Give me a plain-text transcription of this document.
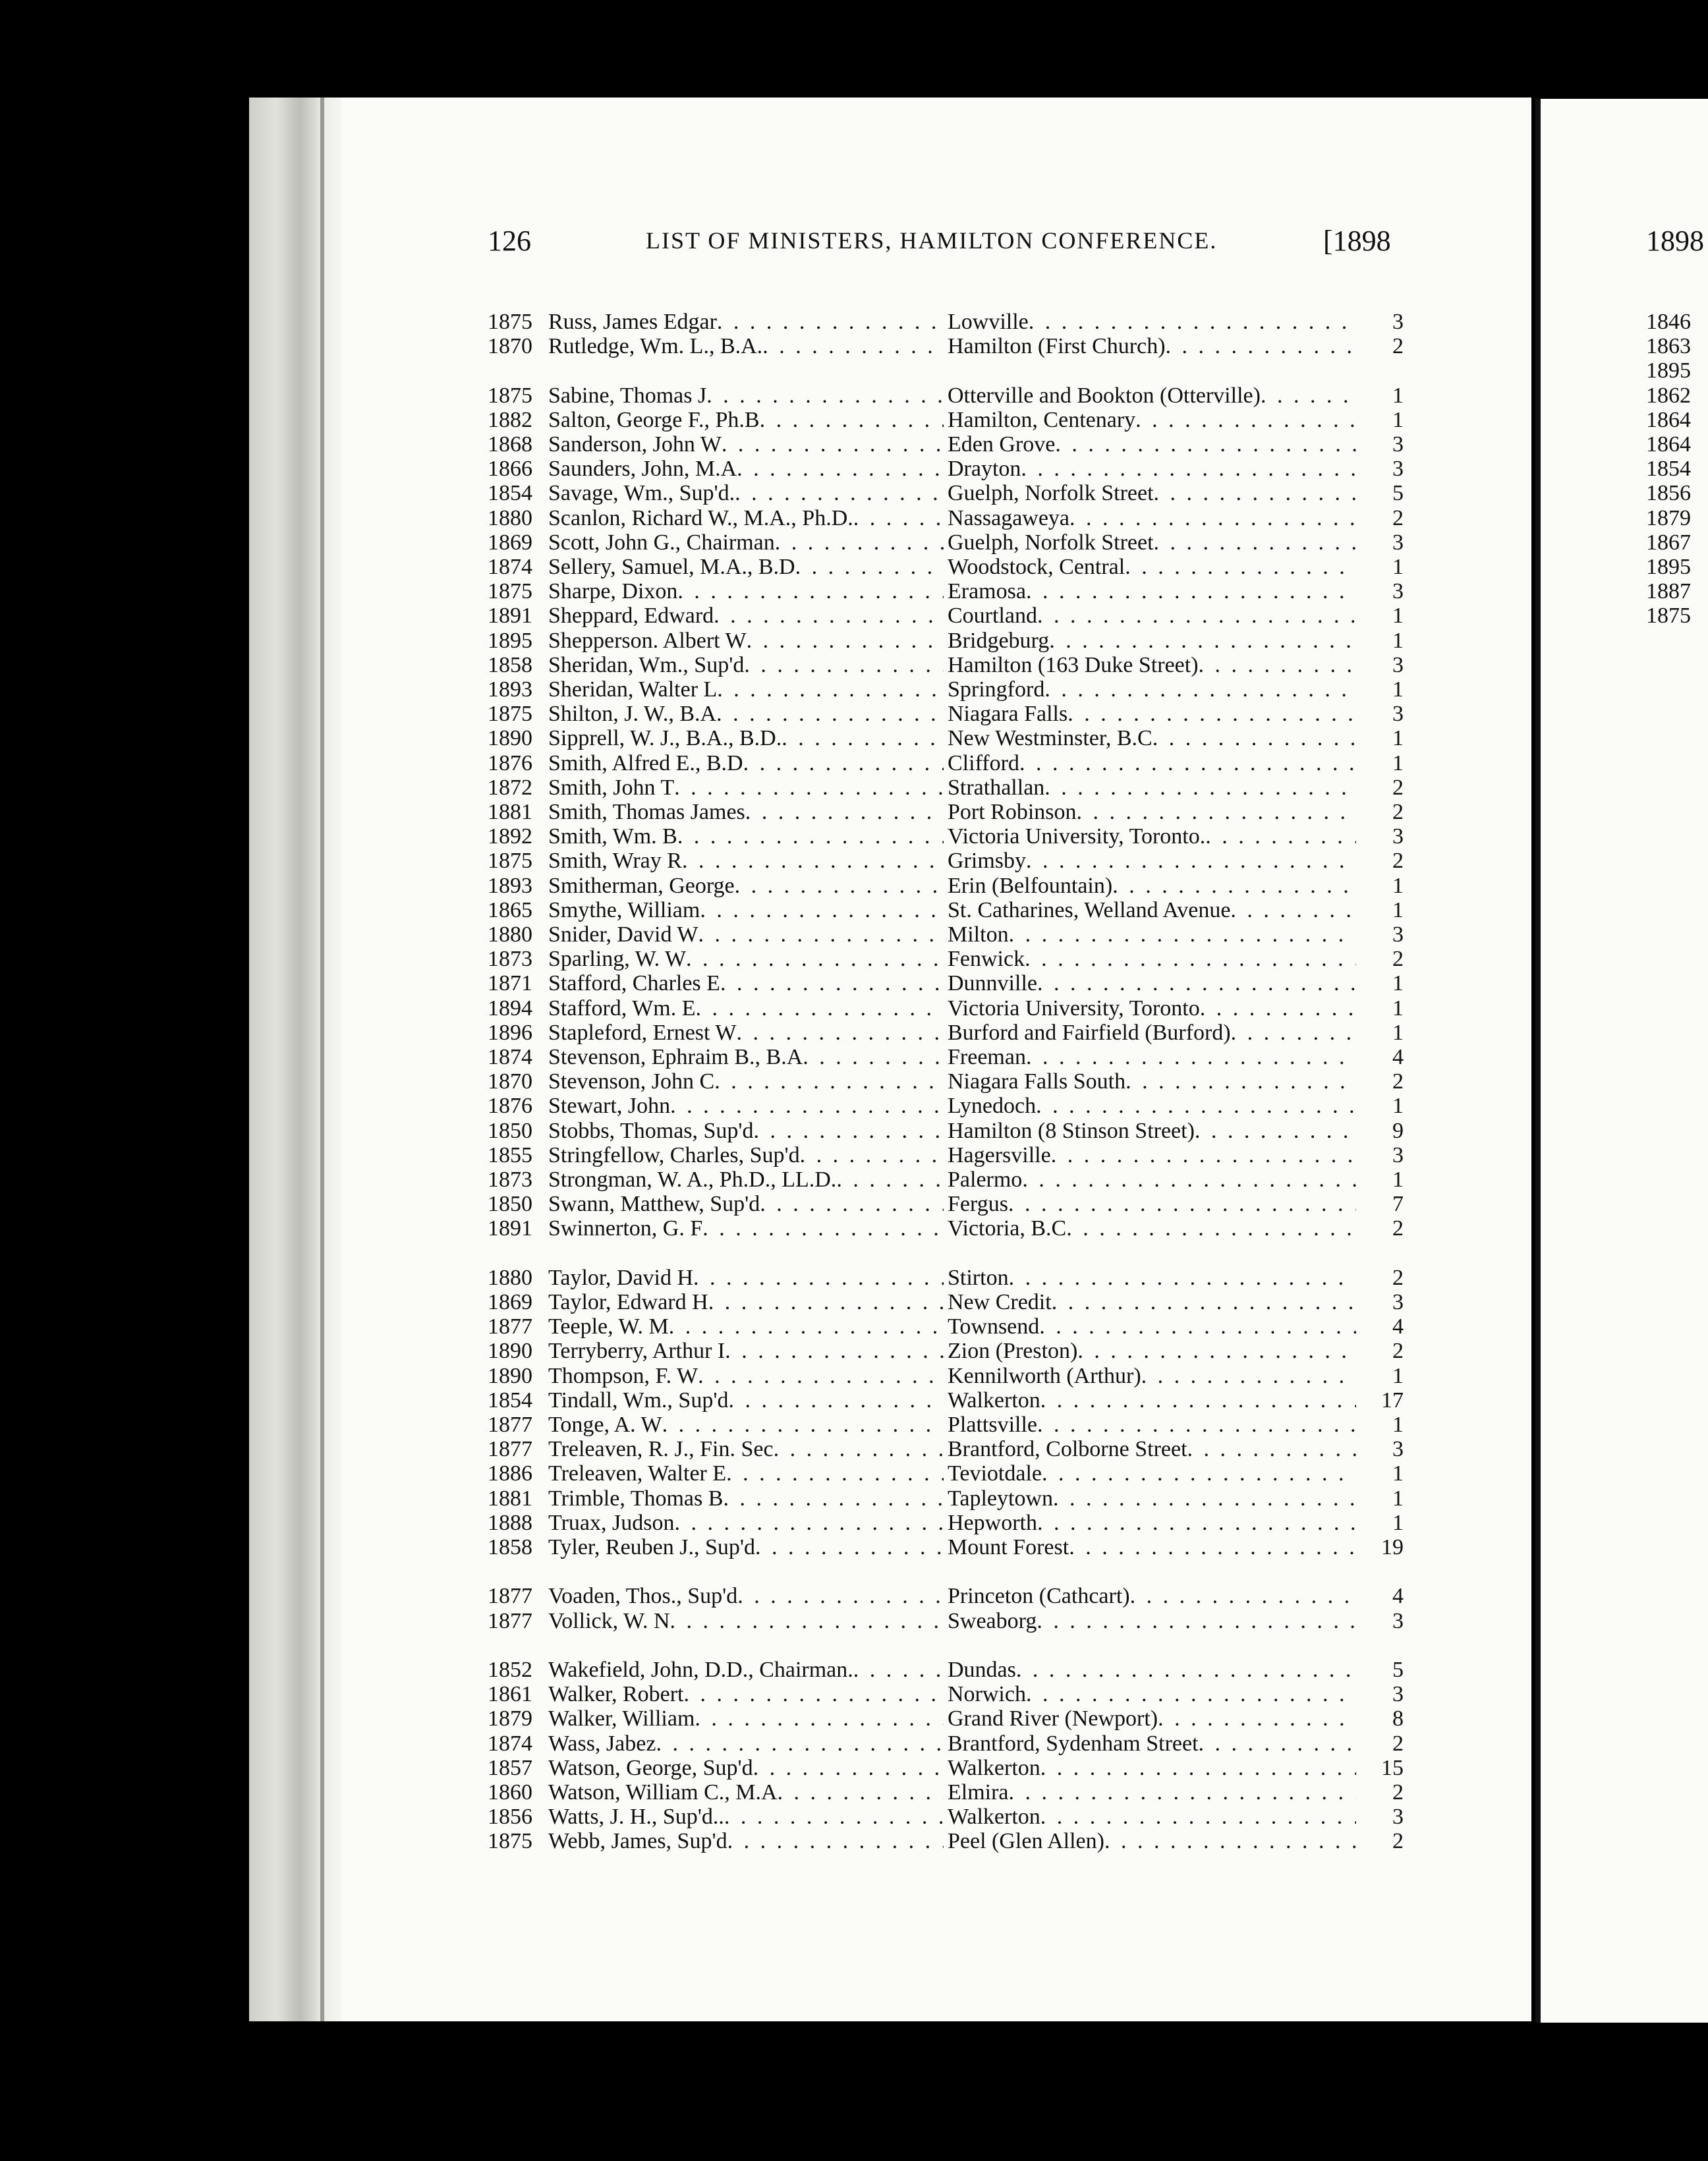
126	LIST OF MINISTERS, HAMILTON CONFERENCE.	[1898	1898
1875 Russ, James Edgar . . .	Lowville . . .	3
1870 Rutledge, Wm. L., B.A. . . .	Hamilton (First Church) . . .	2
1875 Sabine, Thomas J . . .	Otterville and Bookton (Otterville) . . .	1
1882 Salton, George F., Ph.B . . .	Hamilton, Centenary . . .	1
1868 Sanderson, John W . . .	Eden Grove . . .	3
1866 Saunders, John, M.A . . .	Drayton . . .	3
1854 Savage, Wm., Sup'd. . . .	Guelph, Norfolk Street . . .	5
1880 Scanlon, Richard W., M.A., Ph.D. . . .	Nassagaweya . . .	2
1869 Scott, John G., Chairman . . .	Guelph, Norfolk Street . . .	3
1874 Sellery, Samuel, M.A., B.D . . .	Woodstock, Central . . .	1
1875 Sharpe, Dixon . . .	Eramosa . . .	3
1891 Sheppard, Edward . . .	Courtland . . .	1
1895 Shepperson. Albert W . . .	Bridgeburg . . .	1
1858 Sheridan, Wm., Sup'd . . .	Hamilton (163 Duke Street) . . .	3
1893 Sheridan, Walter L . . .	Springford . . .	1
1875 Shilton, J. W., B.A . . .	Niagara Falls . . .	3
1890 Sipprell, W. J., B.A., B.D. . . .	New Westminster, B.C . . .	1
1876 Smith, Alfred E., B.D . . .	Clifford . . .	1
1872 Smith, John T . . .	Strathallan . . .	2
1881 Smith, Thomas James . . .	Port Robinson . . .	2
1892 Smith, Wm. B . . .	Victoria University, Toronto. . . .	3
1875 Smith, Wray R . . .	Grimsby . . .	2
1893 Smitherman, George . . .	Erin (Belfountain) . . .	1
1865 Smythe, William . . .	St. Catharines, Welland Avenue . . .	1
1880 Snider, David W . . .	Milton . . .	3
1873 Sparling, W. W . . .	Fenwick . . .	2
1871 Stafford, Charles E . . .	Dunnville . . .	1
1894 Stafford, Wm. E . . .	Victoria University, Toronto . . .	1
1896 Stapleford, Ernest W . . .	Burford and Fairfield (Burford) . . .	1
1874 Stevenson, Ephraim B., B.A . . .	Freeman . . .	4
1870 Stevenson, John C . . .	Niagara Falls South . . .	2
1876 Stewart, John . . .	Lynedoch . . .	1
1850 Stobbs, Thomas, Sup'd . . .	Hamilton (8 Stinson Street) . . .	9
1855 Stringfellow, Charles, Sup'd . . .	Hagersville . . .	3
1873 Strongman, W. A., Ph.D., LL.D. . . .	Palermo . . .	1
1850 Swann, Matthew, Sup'd . . .	Fergus . . .	7
1891 Swinnerton, G. F . . .	Victoria, B.C . . .	2
1880 Taylor, David H . . .	Stirton . . .	2
1869 Taylor, Edward H . . .	New Credit . . .	3
1877 Teeple, W. M . . .	Townsend . . .	4
1890 Terryberry, Arthur I . . .	Zion (Preston) . . .	2
1890 Thompson, F. W . . .	Kennilworth (Arthur) . . .	1
1854 Tindall, Wm., Sup'd . . .	Walkerton . . .	17
1877 Tonge, A. W . . .	Plattsville . . .	1
1877 Treleaven, R. J., Fin. Sec . . .	Brantford, Colborne Street . . .	3
1886 Treleaven, Walter E . . .	Teviotdale . . .	1
1881 Trimble, Thomas B . . .	Tapleytown . . .	1
1888 Truax, Judson . . .	Hepworth . . .	1
1858 Tyler, Reuben J., Sup'd . . .	Mount Forest . . .	19
1877 Voaden, Thos., Sup'd . . .	Princeton (Cathcart) . . .	4
1877 Vollick, W. N . . .	Sweaborg . . .	3
1852 Wakefield, John, D.D., Chairman. . . .	Dundas . . .	5
1861 Walker, Robert . . .	Norwich . . .	3
1879 Walker, William . . .	Grand River (Newport) . . .	8
1874 Wass, Jabez . . .	Brantford, Sydenham Street . . .	2
1857 Watson, George, Sup'd . . .	Walkerton . . .	15
1860 Watson, William C., M.A . . .	Elmira . . .	2
1856 Watts, J. H., Sup'd.. . . .	Walkerton . . .	3
1875 Webb, James, Sup'd . . .	Peel (Glen Allen) . . .	2
1846
1863
1895
1862
1864
1864
1854
1856
1879
1867
1895
1887
1875
